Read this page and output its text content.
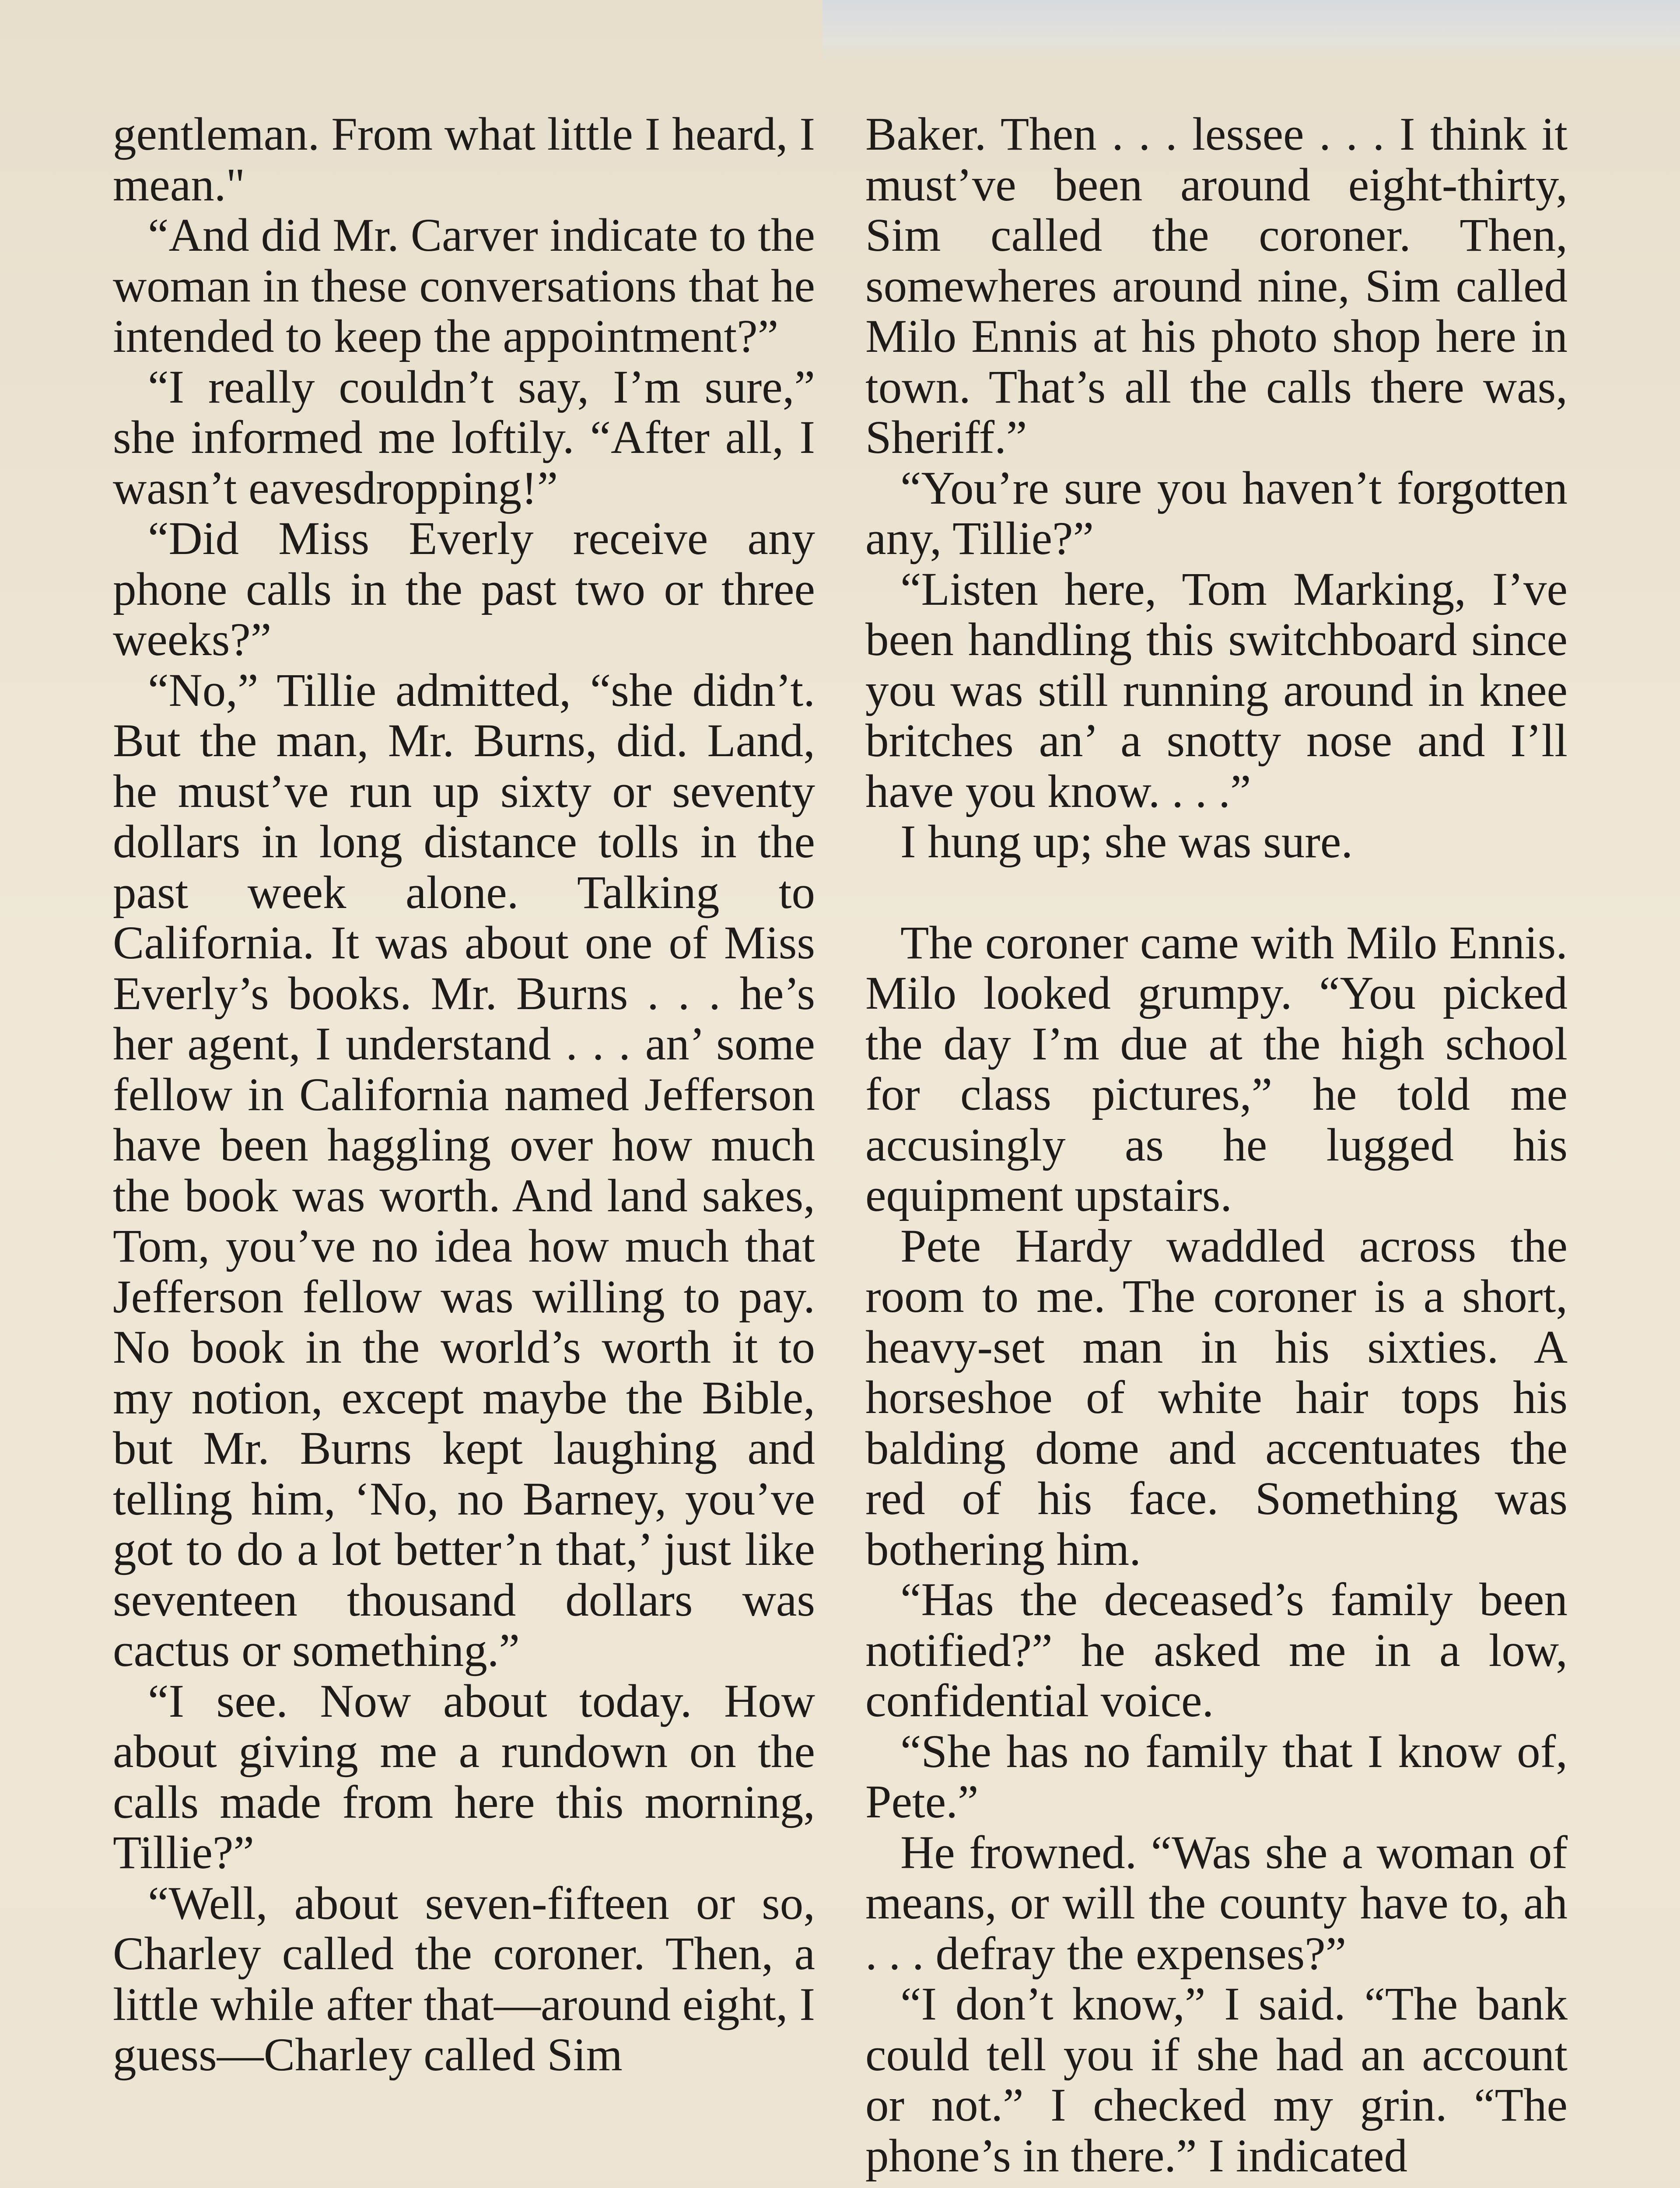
gentleman. From what little I heard, I mean."

“And did Mr. Carver indicate to the woman in these conversations that he intended to keep the appointment?”

“I really couldn’t say, I’m sure,” she informed me loftily. “After all, I wasn’t eavesdropping!”

“Did Miss Everly receive any phone calls in the past two or three weeks?”

“No,” Tillie admitted, “she didn’t. But the man, Mr. Burns, did. Land, he must’ve run up sixty or seventy dollars in long distance tolls in the past week alone. Talking to California. It was about one of Miss Everly’s books. Mr. Burns . . . he’s her agent, I understand . . . an’ some fellow in California named Jefferson have been haggling over how much the book was worth. And land sakes, Tom, you’ve no idea how much that Jefferson fellow was willing to pay. No book in the world’s worth it to my notion, except maybe the Bible, but Mr. Burns kept laughing and telling him, ‘No, no Barney, you’ve got to do a lot better’n that,’ just like seventeen thousand dollars was cactus or something.”

“I see. Now about today. How about giving me a rundown on the calls made from here this morning, Tillie?”

“Well, about seven-fifteen or so, Charley called the coroner. Then, a little while after that—around eight, I guess—Charley called Sim

Baker. Then . . . lessee . . . I think it must’ve been around eight-thirty, Sim called the coroner. Then, somewheres around nine, Sim called Milo Ennis at his photo shop here in town. That’s all the calls there was, Sheriff.”

“You’re sure you haven’t forgotten any, Tillie?”

“Listen here, Tom Marking, I’ve been handling this switchboard since you was still running around in knee britches an’ a snotty nose and I’ll have you know. . . .”

I hung up; she was sure.

The coroner came with Milo Ennis. Milo looked grumpy. “You picked the day I’m due at the high school for class pictures,” he told me accusingly as he lugged his equipment upstairs.

Pete Hardy waddled across the room to me. The coroner is a short, heavy-set man in his sixties. A horseshoe of white hair tops his balding dome and accentuates the red of his face. Something was bothering him.

“Has the deceased’s family been notified?” he asked me in a low, confidential voice.

“She has no family that I know of, Pete.”

He frowned. “Was she a woman of means, or will the county have to, ah . . . defray the expenses?”

“I don’t know,” I said. “The bank could tell you if she had an account or not.” I checked my grin. “The phone’s in there.” I indicated
